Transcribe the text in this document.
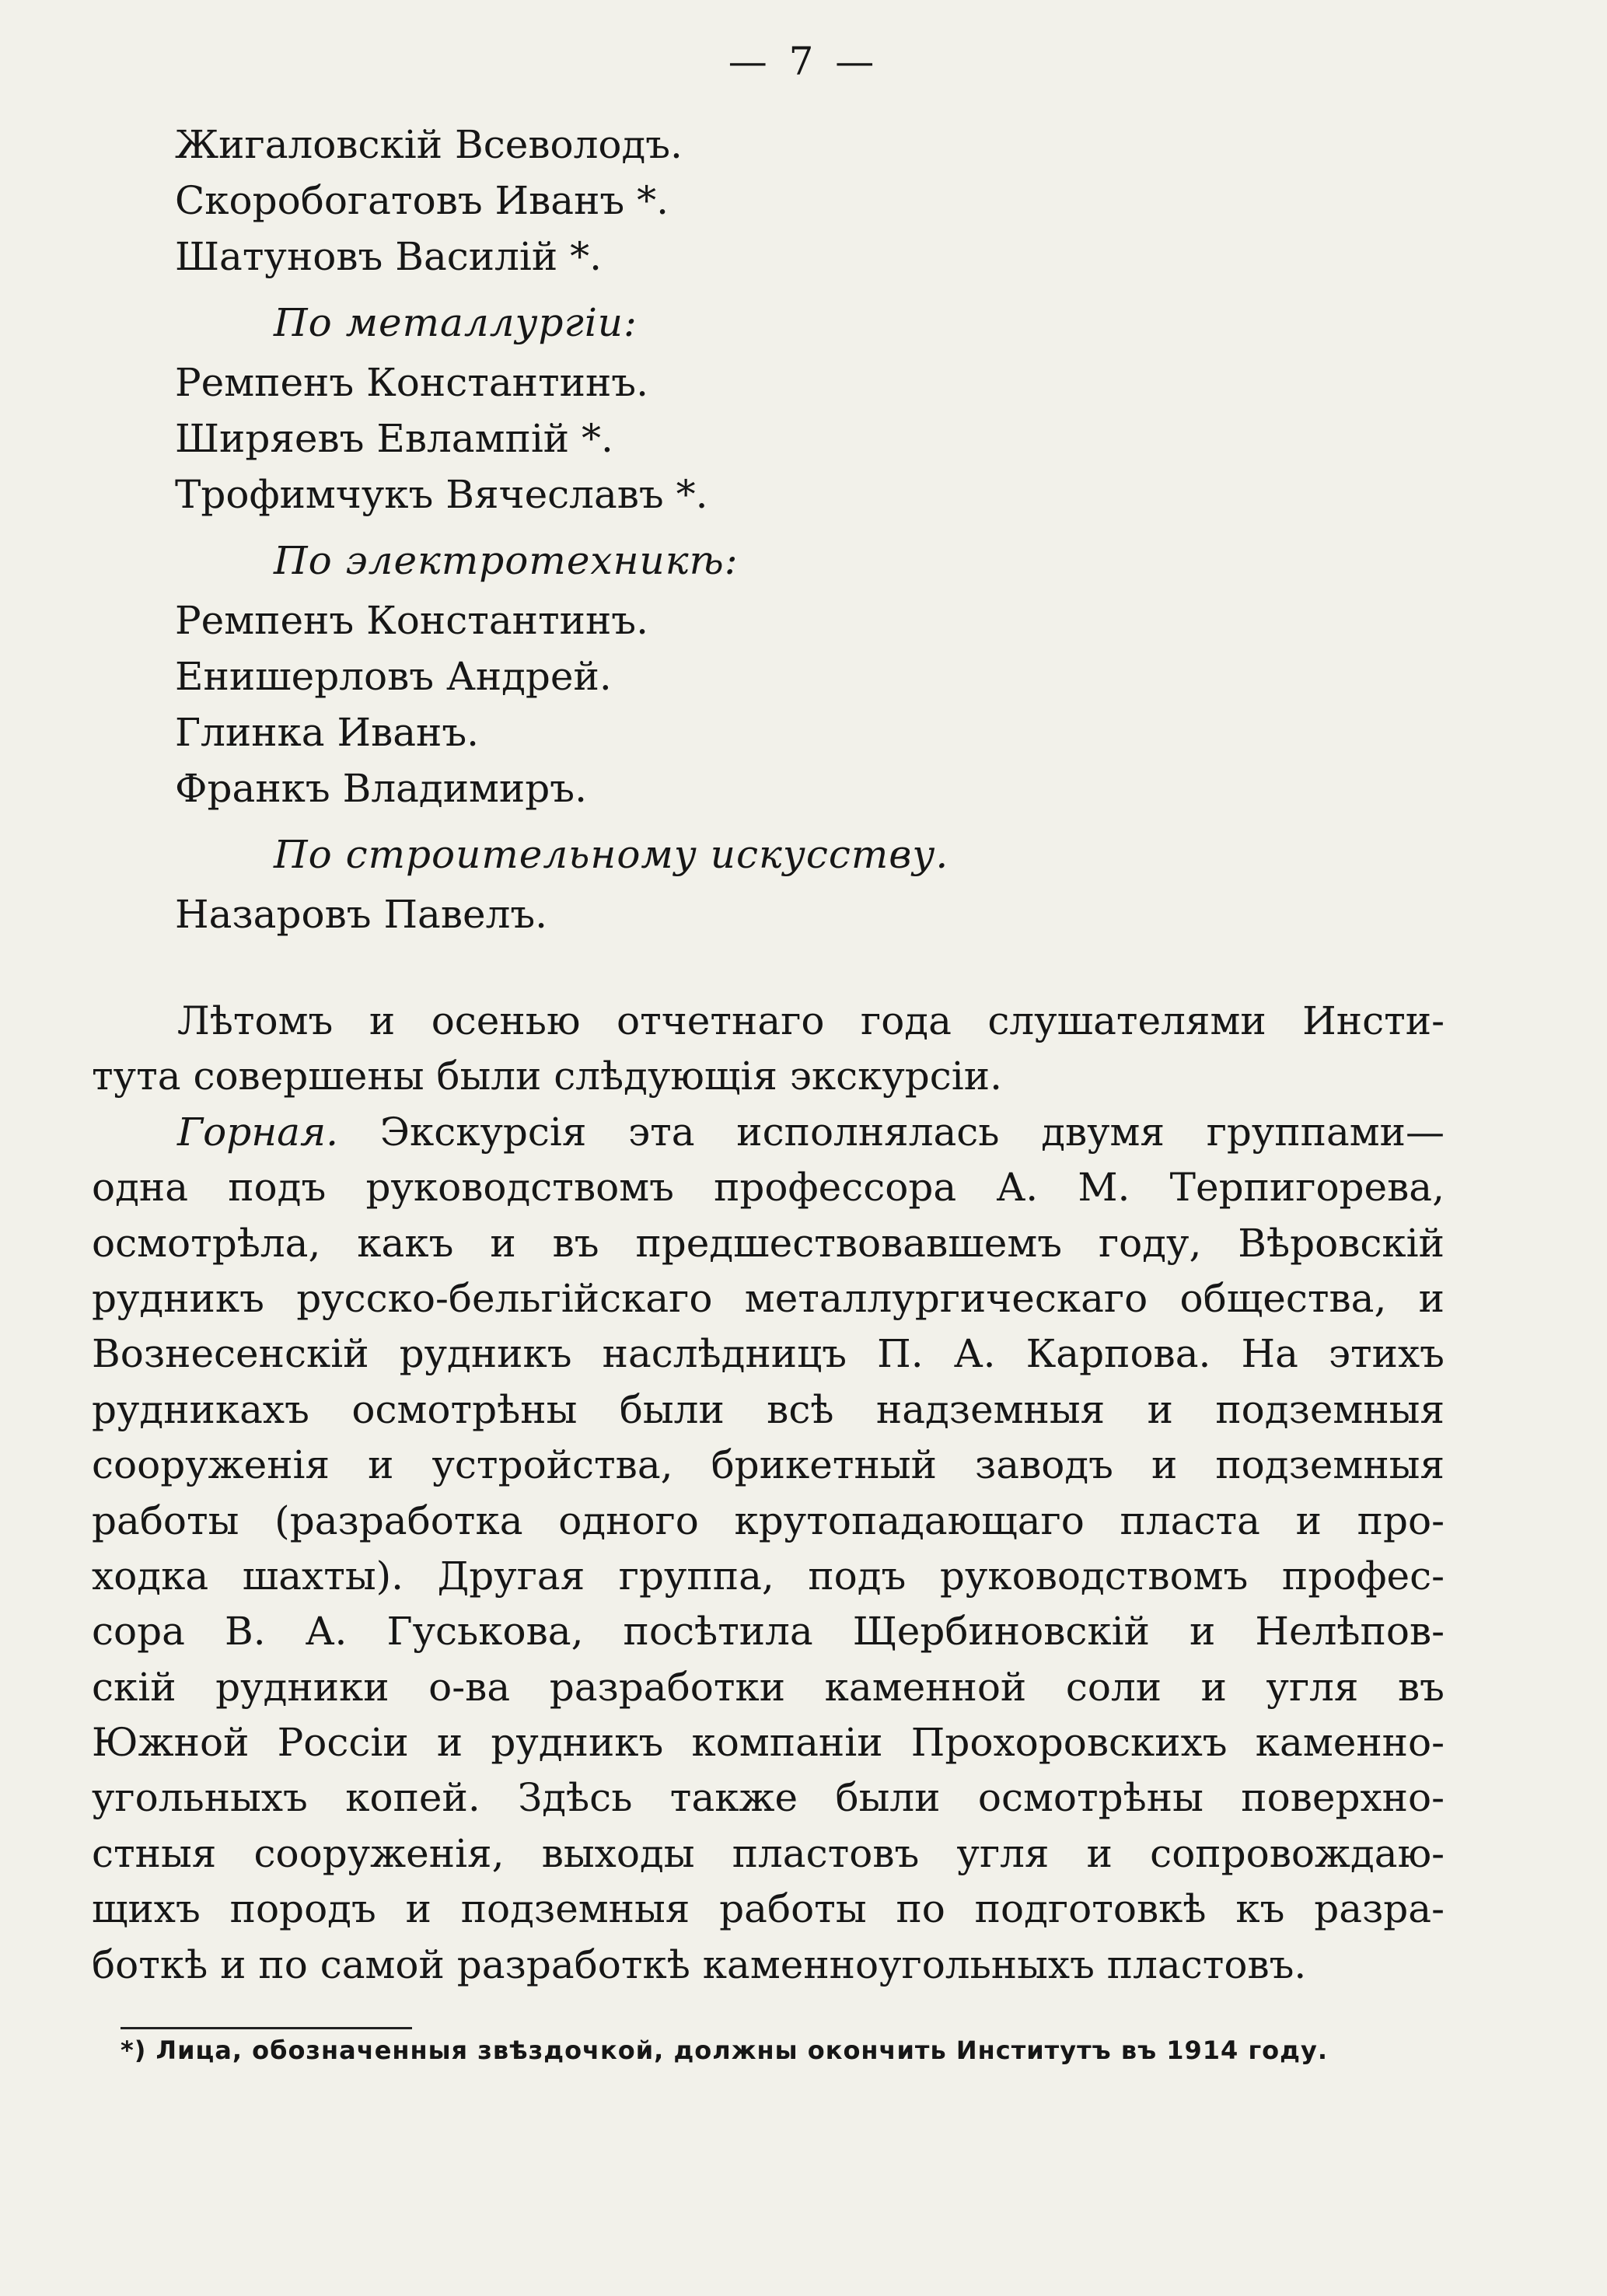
— 7 —
Жигаловскій Всеволодъ.
Скоробогатовъ Иванъ *.
Шатуновъ Василій *.
По металлургіи:
Ремпенъ Константинъ.
Ширяевъ Евлампій *.
Трофимчукъ Вячеславъ *.
По электротехникѣ:
Ремпенъ Константинъ.
Енишерловъ Андрей.
Глинка Иванъ.
Франкъ Владимиръ.
По строительному искусству.
Назаровъ Павелъ.
Лѣтомъ и осенью отчетнаго года слушателями Инсти-
тута совершены были слѣдующія экскурсіи.
Горная. Экскурсія эта исполнялась двумя группами—
одна подъ руководствомъ профессора А. М. Терпигорева,
осмотрѣла, какъ и въ предшествовавшемъ году, Вѣровскій
рудникъ русско-бельгійскаго металлургическаго общества, и
Вознесенскій рудникъ наслѣдницъ П. А. Карпова. На этихъ
рудникахъ осмотрѣны были всѣ надземныя и подземныя
сооруженія и устройства, брикетный заводъ и подземныя
работы (разработка одного крутопадающаго пласта и про-
ходка шахты). Другая группа, подъ руководствомъ профес-
сора В. А. Гуськова, посѣтила Щербиновскій и Нелѣпов-
скій рудники о-ва разработки каменной соли и угля въ
Южной Россіи и рудникъ компаніи Прохоровскихъ каменно-
угольныхъ копей. Здѣсь также были осмотрѣны поверхно-
стныя сооруженія, выходы пластовъ угля и сопровождаю-
щихъ породъ и подземныя работы по подготовкѣ къ разра-
боткѣ и по самой разработкѣ каменноугольныхъ пластовъ.
*) Лица, обозначенныя звѣздочкой, должны окончить Институтъ въ 1914 году.
